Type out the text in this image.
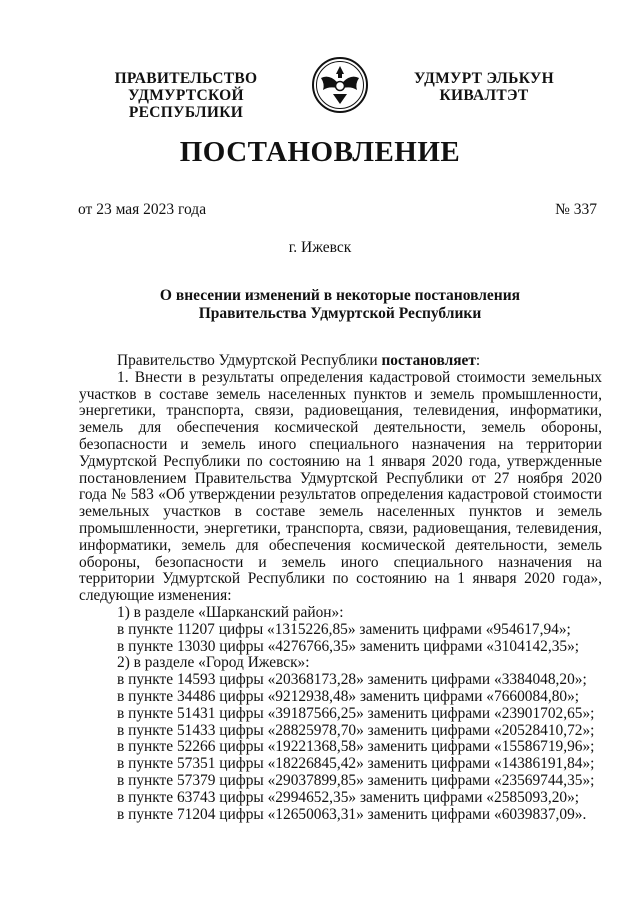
ПРАВИТЕЛЬСТВО
УДМУРТСКОЙ РЕСПУБЛИКИ
УДМУРТ ЭЛЬКУН
КИВАЛТЭТ
ПОСТАНОВЛЕНИЕ
от 23 мая 2023 года	№ 337
г. Ижевск
О внесении изменений в некоторые постановления
Правительства Удмуртской Республики

Правительство Удмуртской Республики постановляет:

1. Внести в результаты определения кадастровой стоимости земельных участков в составе земель населенных пунктов и земель промышленности, энергетики, транспорта, связи, радиовещания, телевидения, информатики, земель для обеспечения космической деятельности, земель обороны, безопасности и земель иного специального назначения на территории Удмуртской Республики по состоянию на 1 января 2020 года, утвержденные постановлением Правительства Удмуртской Республики от 27 ноября 2020 года № 583 «Об утверждении результатов определения кадастровой стоимости земельных участков в составе земель населенных пунктов и земель промышленности, энергетики, транспорта, связи, радиовещания, телевидения, информатики, земель для обеспечения космической деятельности, земель обороны, безопасности и земель иного специального назначения на территории Удмуртской Республики по состоянию на 1 января 2020 года», следующие изменения:

1) в разделе «Шарканский район»:
в пункте 11207 цифры «1315226,85» заменить цифрами «954617,94»;
в пункте 13030 цифры «4276766,35» заменить цифрами «3104142,35»;
2) в разделе «Город Ижевск»:
в пункте 14593 цифры «20368173,28» заменить цифрами «3384048,20»;
в пункте 34486 цифры «9212938,48» заменить цифрами «7660084,80»;
в пункте 51431 цифры «39187566,25» заменить цифрами «23901702,65»;
в пункте 51433 цифры «28825978,70» заменить цифрами «20528410,72»;
в пункте 52266 цифры «19221368,58» заменить цифрами «15586719,96»;
в пункте 57351 цифры «18226845,42» заменить цифрами «14386191,84»;
в пункте 57379 цифры «29037899,85» заменить цифрами «23569744,35»;
в пункте 63743 цифры «2994652,35» заменить цифрами «2585093,20»;
в пункте 71204 цифры «12650063,31» заменить цифрами «6039837,09».
